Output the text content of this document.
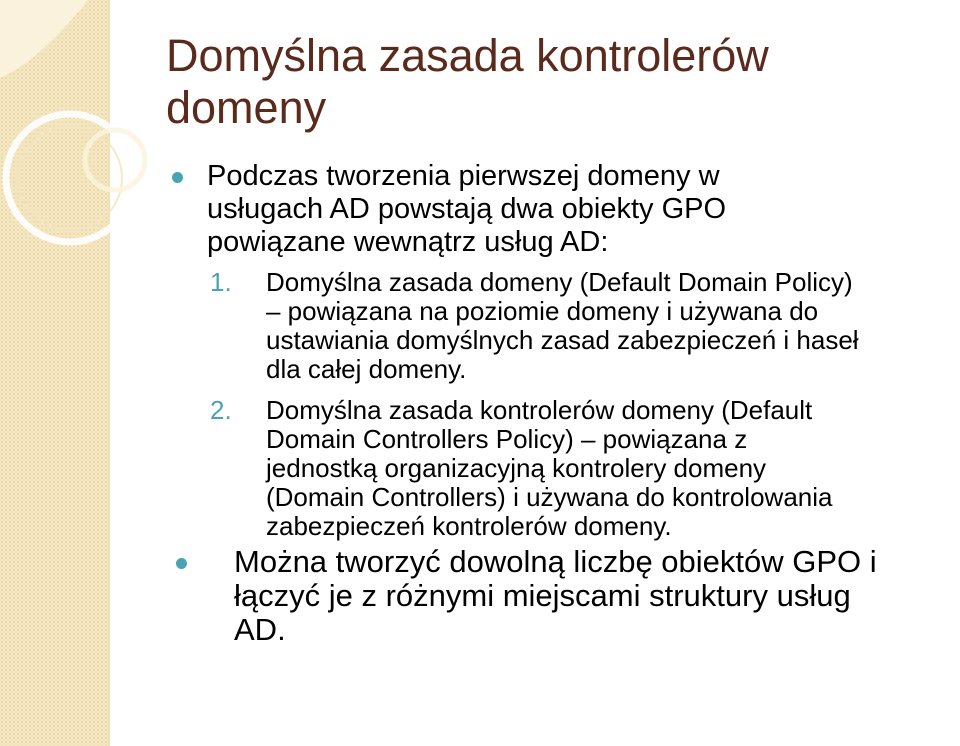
Domyślna zasada kontrolerów
domeny
Podczas tworzenia pierwszej domeny w
usługach AD powstają dwa obiekty GPO
powiązane wewnątrz usług AD:
1.	Domyślna zasada domeny (Default Domain Policy)
– powiązana na poziomie domeny i używana do
ustawiania domyślnych zasad zabezpieczeń i haseł
dla całej domeny.
2.	Domyślna zasada kontrolerów domeny (Default
Domain Controllers Policy) – powiązana z
jednostką organizacyjną kontrolery domeny
(Domain Controllers) i używana do kontrolowania
zabezpieczeń kontrolerów domeny.
Można tworzyć dowolną liczbę obiektów GPO i
łączyć je z różnymi miejscami struktury usług
AD.
